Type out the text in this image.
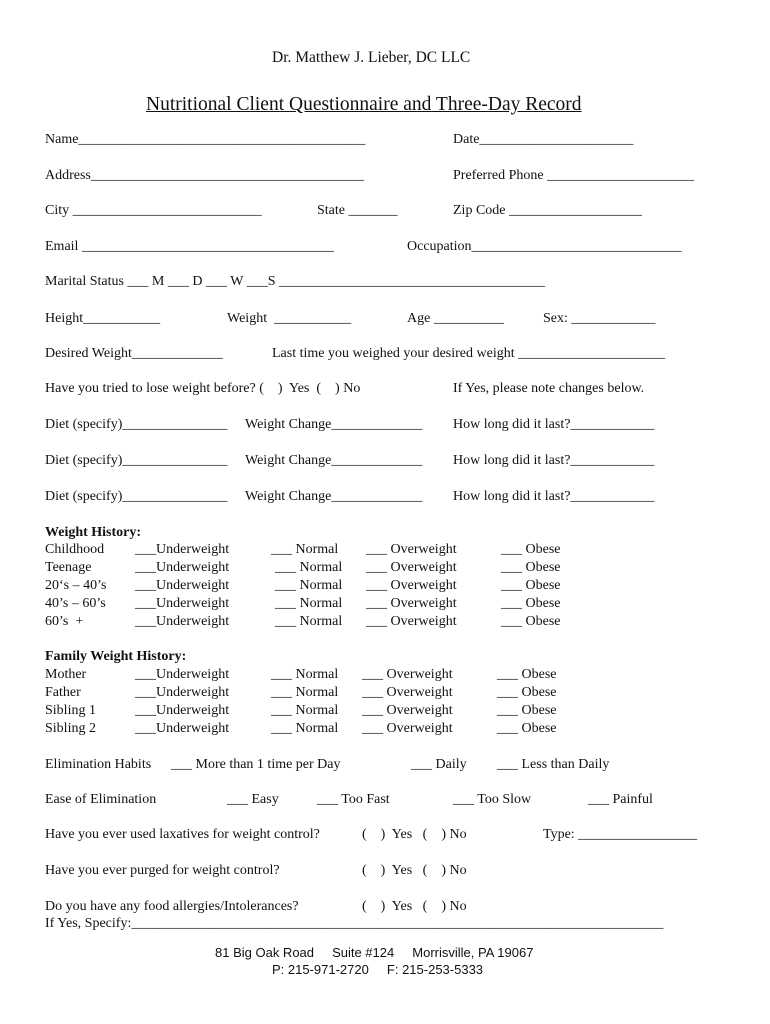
Dr. Matthew J. Lieber, DC LLC
Nutritional Client Questionnaire and Three-Day Record
Name_________________________________________	Date______________________
Address_______________________________________	Preferred Phone _____________________
City ___________________________	State _______	Zip Code ___________________
Email ____________________________________	Occupation______________________________
Marital Status ___ M ___ D ___ W ___S ______________________________________
Height___________	Weight  ___________	Age __________	Sex: ____________
Desired Weight_____________	Last time you weighed your desired weight _____________________
Have you tried to lose weight before? (    )  Yes  (    ) No	If Yes, please note changes below.
Diet (specify)_______________ Weight Change_____________ How long did it last?____________
Diet (specify)_______________ Weight Change_____________ How long did it last?____________
Diet (specify)_______________ Weight Change_____________ How long did it last?____________
Weight History:
Childhood ___Underweight	___ Normal ___ Overweight	___ Obese
Teenage	___Underweight	___ Normal ___ Overweight	___ Obese
20‘s – 40’s ___Underweight	___ Normal ___ Overweight	___ Obese
40’s – 60’s ___Underweight	___ Normal ___ Overweight	___ Obese
60’s  +	___Underweight	___ Normal ___ Overweight	___ Obese
Family Weight History:
Mother	___Underweight	___ Normal ___ Overweight	___ Obese
Father	___Underweight	___ Normal ___ Overweight	___ Obese
Sibling 1	___Underweight	___ Normal ___ Overweight	___ Obese
Sibling 2	___Underweight	___ Normal ___ Overweight	___ Obese
Elimination Habits ___ More than 1 time per Day	___ Daily ___ Less than Daily
Ease of Elimination	___ Easy	___ Too Fast	___ Too Slow	___ Painful
Have you ever used laxatives for weight control?	(    )  Yes   (    ) No	Type: _________________
Have you ever purged for weight control?	(    )  Yes   (    ) No
Do you have any food allergies/Intolerances?	(    )  Yes   (    ) No
If Yes, Specify:____________________________________________________________________________
81 Big Oak Road     Suite #124     Morrisville, PA 19067
P: 215-971-2720     F: 215-253-5333
